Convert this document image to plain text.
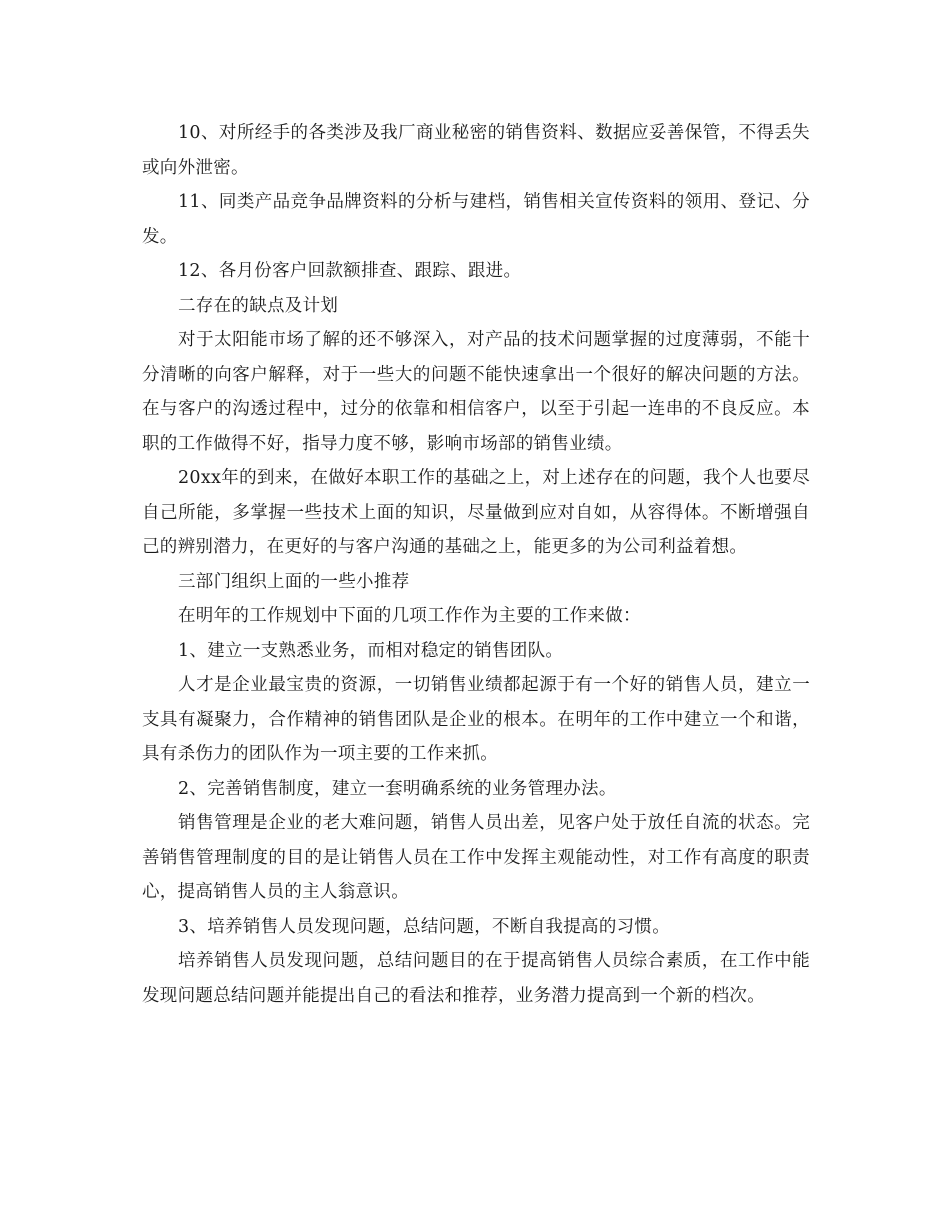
10、对所经手的各类涉及我厂商业秘密的销售资料、数据应妥善保管，不得丢失或向外泄密。

11、同类产品竞争品牌资料的分析与建档，销售相关宣传资料的领用、登记、分发。

12、各月份客户回款额排查、跟踪、跟进。

二存在的缺点及计划

对于太阳能市场了解的还不够深入，对产品的技术问题掌握的过度薄弱，不能十分清晰的向客户解释，对于一些大的问题不能快速拿出一个很好的解决问题的方法。在与客户的沟透过程中，过分的依靠和相信客户，以至于引起一连串的不良反应。本职的工作做得不好，指导力度不够，影响市场部的销售业绩。

20xx年的到来，在做好本职工作的基础之上，对上述存在的问题，我个人也要尽自己所能，多掌握一些技术上面的知识，尽量做到应对自如，从容得体。不断增强自己的辨别潜力，在更好的与客户沟通的基础之上，能更多的为公司利益着想。

三部门组织上面的一些小推荐

在明年的工作规划中下面的几项工作作为主要的工作来做：

1、建立一支熟悉业务，而相对稳定的销售团队。

人才是企业最宝贵的资源，一切销售业绩都起源于有一个好的销售人员，建立一支具有凝聚力，合作精神的销售团队是企业的根本。在明年的工作中建立一个和谐，具有杀伤力的团队作为一项主要的工作来抓。

2、完善销售制度，建立一套明确系统的业务管理办法。

销售管理是企业的老大难问题，销售人员出差，见客户处于放任自流的状态。完善销售管理制度的目的是让销售人员在工作中发挥主观能动性，对工作有高度的职责心，提高销售人员的主人翁意识。

3、培养销售人员发现问题，总结问题，不断自我提高的习惯。

培养销售人员发现问题，总结问题目的在于提高销售人员综合素质，在工作中能发现问题总结问题并能提出自己的看法和推荐，业务潜力提高到一个新的档次。
